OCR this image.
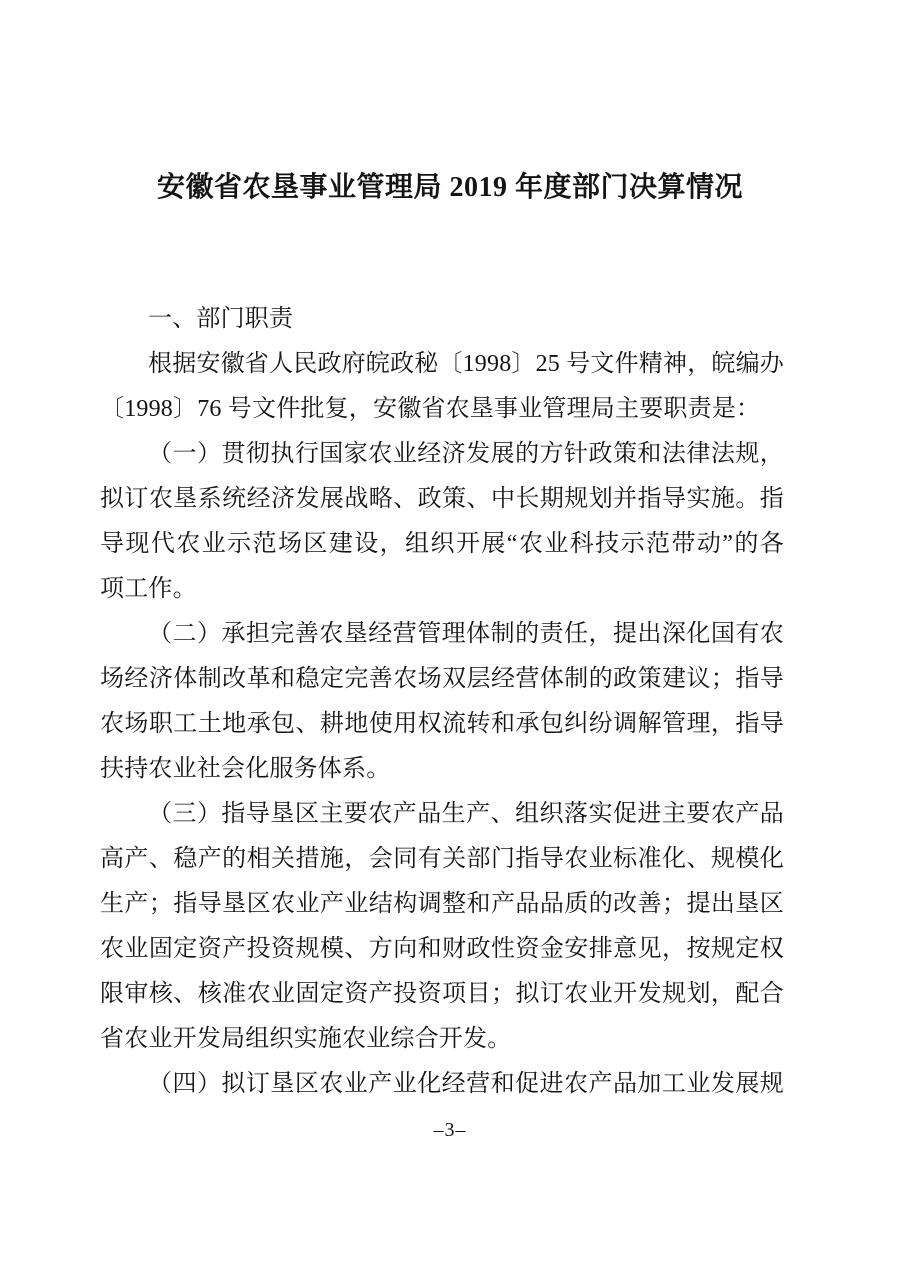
安徽省农垦事业管理局 2019 年度部门决算情况
一、部门职责
根据安徽省人民政府皖政秘〔1998〕25 号文件精神，皖编办
〔1998〕76 号文件批复，安徽省农垦事业管理局主要职责是：
（一）贯彻执行国家农业经济发展的方针政策和法律法规，
拟订农垦系统经济发展战略、政策、中长期规划并指导实施。指
导现代农业示范场区建设，组织开展“农业科技示范带动”的各
项工作。
（二）承担完善农垦经营管理体制的责任，提出深化国有农
场经济体制改革和稳定完善农场双层经营体制的政策建议；指导
农场职工土地承包、耕地使用权流转和承包纠纷调解管理，指导
扶持农业社会化服务体系。
（三）指导垦区主要农产品生产、组织落实促进主要农产品
高产、稳产的相关措施，会同有关部门指导农业标准化、规模化
生产；指导垦区农业产业结构调整和产品品质的改善；提出垦区
农业固定资产投资规模、方向和财政性资金安排意见，按规定权
限审核、核准农业固定资产投资项目；拟订农业开发规划，配合
省农业开发局组织实施农业综合开发。
（四）拟订垦区农业产业化经营和促进农产品加工业发展规
–3–
